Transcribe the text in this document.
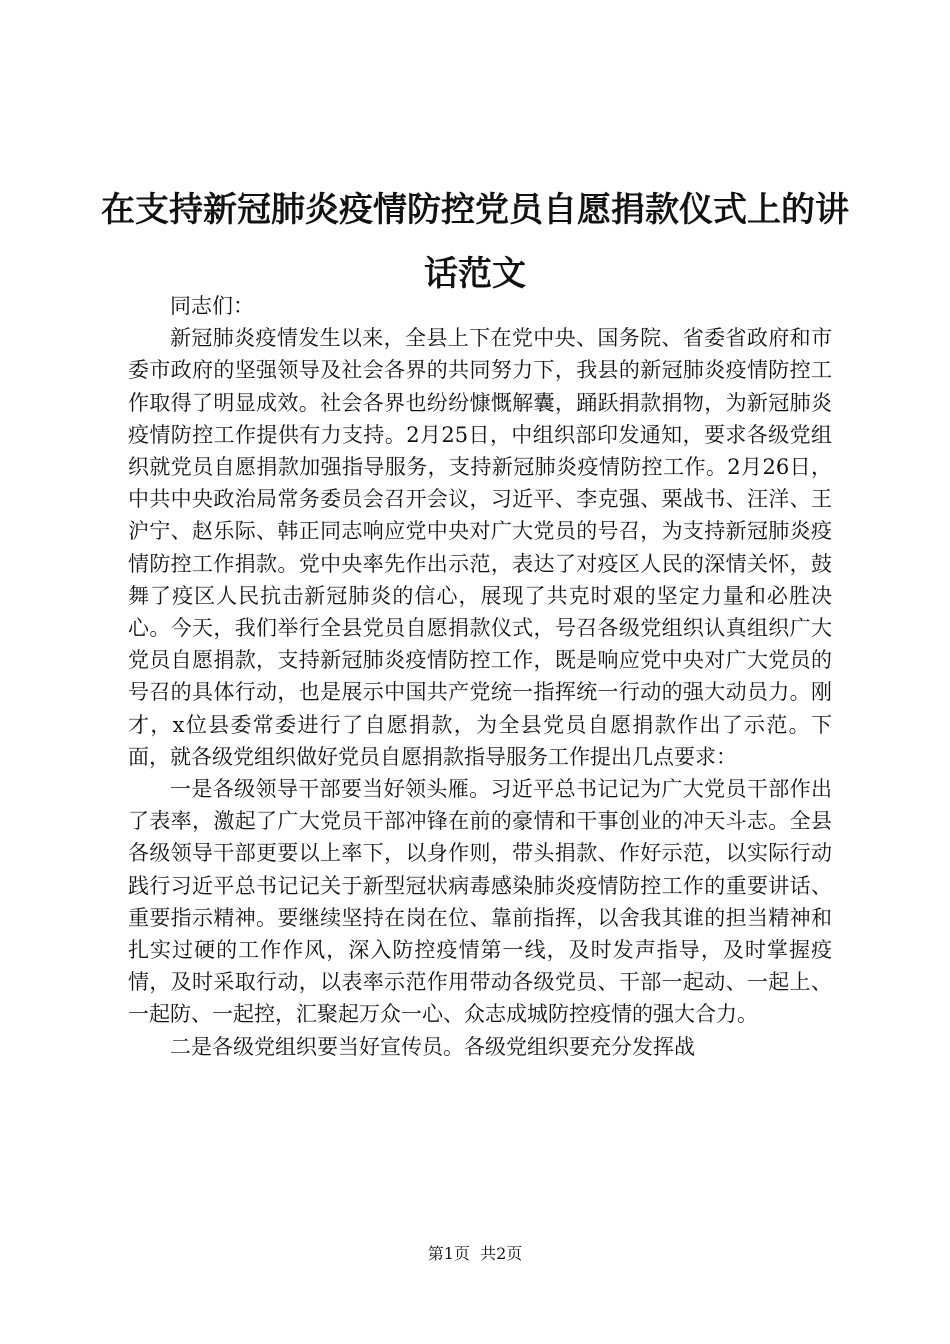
在支持新冠肺炎疫情防控党员自愿捐款仪式上的讲话范文

同志们：

新冠肺炎疫情发生以来，全县上下在党中央、国务院、省委省政府和市委市政府的坚强领导及社会各界的共同努力下，我县的新冠肺炎疫情防控工作取得了明显成效。社会各界也纷纷慷慨解囊，踊跃捐款捐物，为新冠肺炎疫情防控工作提供有力支持。2月25日，中组织部印发通知，要求各级党组织就党员自愿捐款加强指导服务，支持新冠肺炎疫情防控工作。2月26日，中共中央政治局常务委员会召开会议，习近平、李克强、栗战书、汪洋、王沪宁、赵乐际、韩正同志响应党中央对广大党员的号召，为支持新冠肺炎疫情防控工作捐款。党中央率先作出示范，表达了对疫区人民的深情关怀，鼓舞了疫区人民抗击新冠肺炎的信心，展现了共克时艰的坚定力量和必胜决心。今天，我们举行全县党员自愿捐款仪式，号召各级党组织认真组织广大党员自愿捐款，支持新冠肺炎疫情防控工作，既是响应党中央对广大党员的号召的具体行动，也是展示中国共产党统一指挥统一行动的强大动员力。刚才，x位县委常委进行了自愿捐款，为全县党员自愿捐款作出了示范。下面，就各级党组织做好党员自愿捐款指导服务工作提出几点要求：

一是各级领导干部要当好领头雁。习近平总书记记为广大党员干部作出了表率，激起了广大党员干部冲锋在前的豪情和干事创业的冲天斗志。全县各级领导干部更要以上率下，以身作则，带头捐款、作好示范，以实际行动践行习近平总书记记关于新型冠状病毒感染肺炎疫情防控工作的重要讲话、重要指示精神。要继续坚持在岗在位、靠前指挥，以舍我其谁的担当精神和扎实过硬的工作作风，深入防控疫情第一线，及时发声指导，及时掌握疫情，及时采取行动，以表率示范作用带动各级党员、干部一起动、一起上、一起防、一起控，汇聚起万众一心、众志成城防控疫情的强大合力。

二是各级党组织要当好宣传员。各级党组织要充分发挥战

第1页 共2页
